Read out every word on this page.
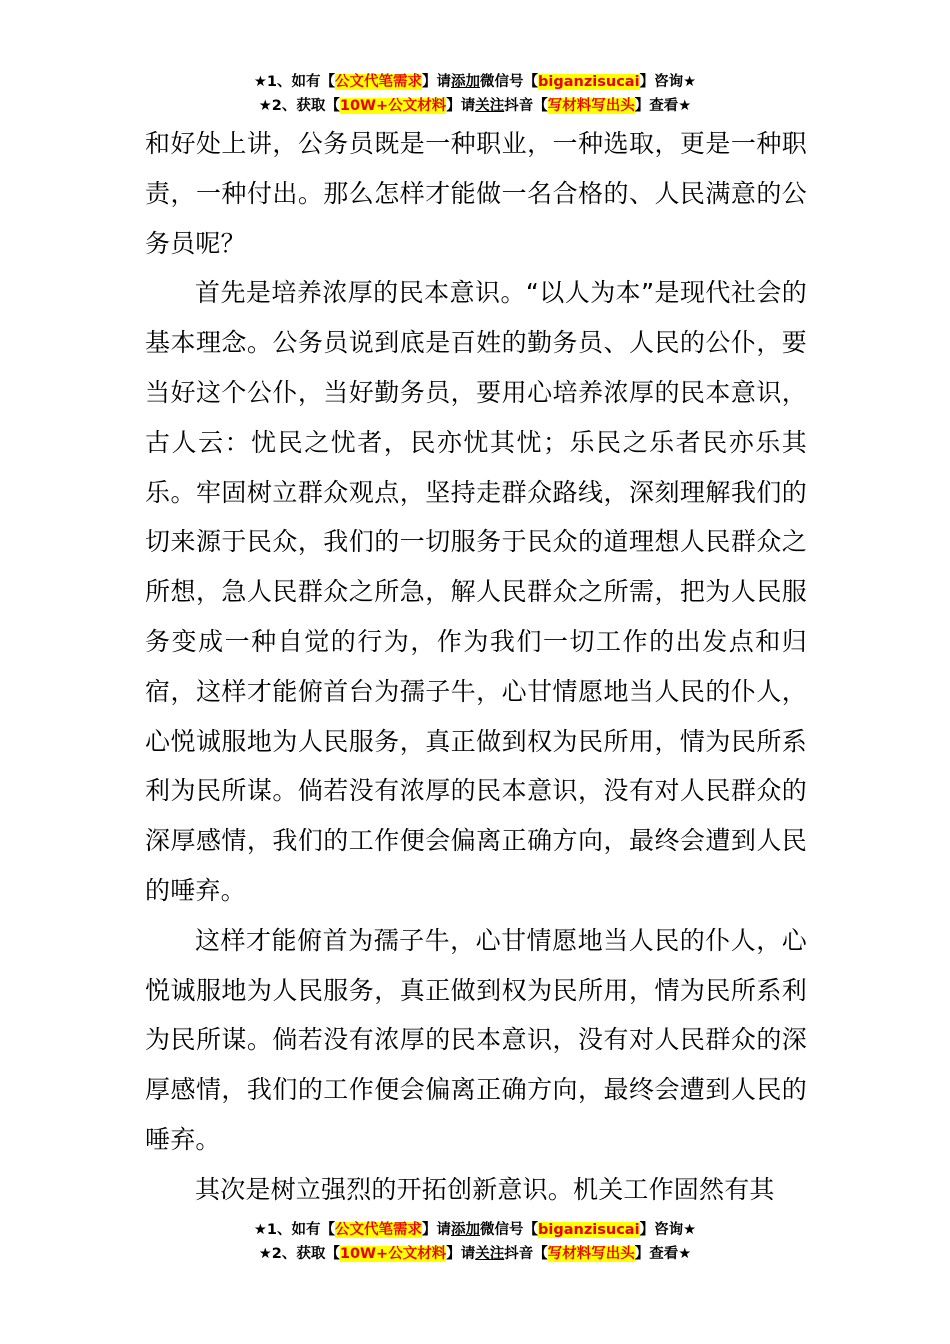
★1、如有【公文代笔需求】请添加微信号【biganzisucai】咨询★
★2、获取【10W+公文材料】请关注抖音【写材料写出头】查看★

和好处上讲，公务员既是一种职业，一种选取，更是一种职责，一种付出。那么怎样才能做一名合格的、人民满意的公务员呢？

首先是培养浓厚的民本意识。“以人为本”是现代社会的基本理念。公务员说到底是百姓的勤务员、人民的公仆，要当好这个公仆，当好勤务员，要用心培养浓厚的民本意识，古人云：忧民之忧者，民亦忧其忧；乐民之乐者民亦乐其乐。牢固树立群众观点，坚持走群众路线，深刻理解我们的切来源于民众，我们的一切服务于民众的道理想人民群众之所想，急人民群众之所急，解人民群众之所需，把为人民服务变成一种自觉的行为，作为我们一切工作的出发点和归宿，这样才能俯首台为孺子牛，心甘情愿地当人民的仆人，心悦诚服地为人民服务，真正做到权为民所用，情为民所系利为民所谋。倘若没有浓厚的民本意识，没有对人民群众的深厚感情，我们的工作便会偏离正确方向，最终会遭到人民的唾弃。

这样才能俯首为孺子牛，心甘情愿地当人民的仆人，心悦诚服地为人民服务，真正做到权为民所用，情为民所系利为民所谋。倘若没有浓厚的民本意识，没有对人民群众的深厚感情，我们的工作便会偏离正确方向，最终会遭到人民的唾弃。

其次是树立强烈的开拓创新意识。机关工作固然有其

★1、如有【公文代笔需求】请添加微信号【biganzisucai】咨询★
★2、获取【10W+公文材料】请关注抖音【写材料写出头】查看★
